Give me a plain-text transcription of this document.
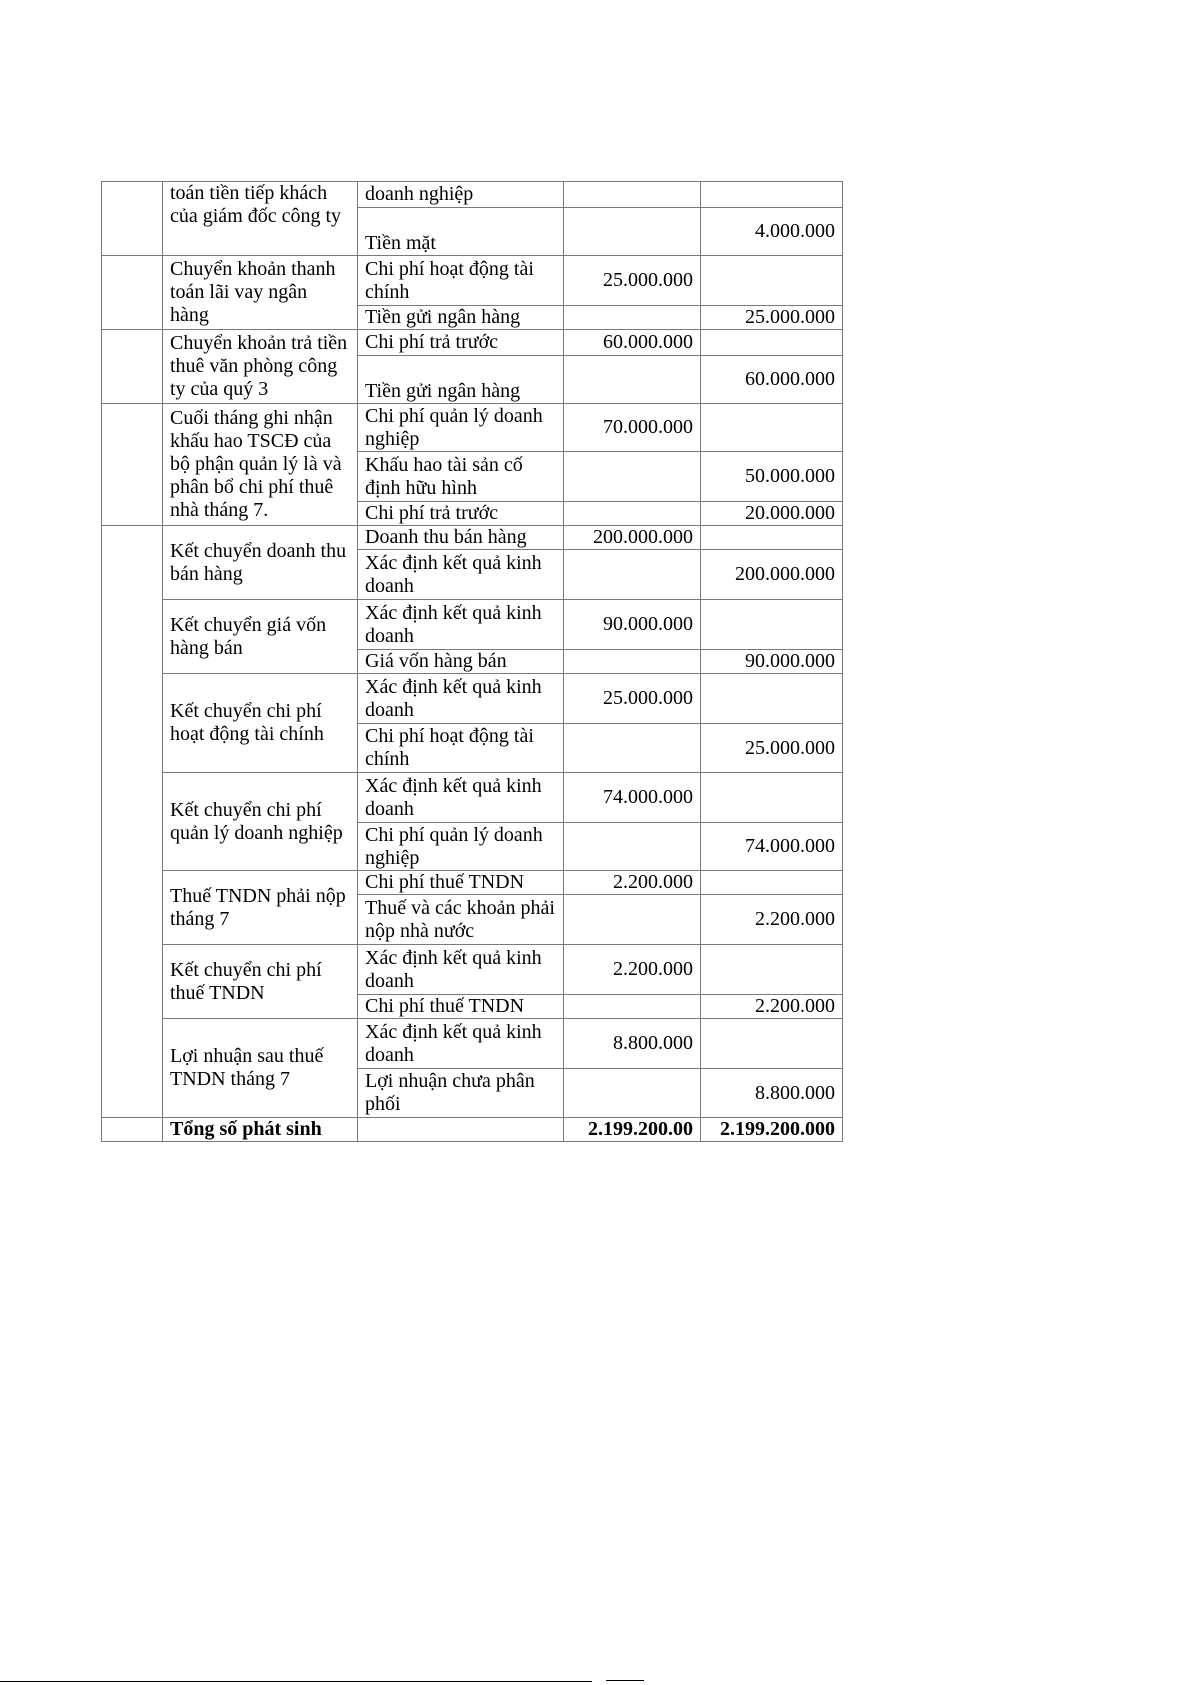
	toán tiền tiếp khách của giám đốc công ty	doanh nghiệp		
		Tiền mặt		4.000.000
	Chuyển khoản thanh toán lãi vay ngân hàng	Chi phí hoạt động tài chính	25.000.000	
		Tiền gửi ngân hàng		25.000.000
	Chuyển khoản trả tiền thuê văn phòng công ty của quý 3	Chi phí trả trước	60.000.000	
		Tiền gửi ngân hàng		60.000.000
	Cuối tháng ghi nhận khấu hao TSCĐ của bộ phận quản lý là và phân bổ chi phí thuê nhà tháng 7.	Chi phí quản lý doanh nghiệp	70.000.000	
		Khấu hao tài sản cố định hữu hình		50.000.000
		Chi phí trả trước		20.000.000
	Kết chuyển doanh thu bán hàng	Doanh thu bán hàng	200.000.000	
		Xác định kết quả kinh doanh		200.000.000
	Kết chuyển giá vốn hàng bán	Xác định kết quả kinh doanh	90.000.000	
		Giá vốn hàng bán		90.000.000
	Kết chuyển chi phí hoạt động tài chính	Xác định kết quả kinh doanh	25.000.000	
		Chi phí hoạt động tài chính		25.000.000
	Kết chuyển chi phí quản lý doanh nghiệp	Xác định kết quả kinh doanh	74.000.000	
		Chi phí quản lý doanh nghiệp		74.000.000
	Thuế TNDN phải nộp tháng 7	Chi phí thuế TNDN	2.200.000	
		Thuế và các khoản phải nộp nhà nước		2.200.000
	Kết chuyển chi phí thuế TNDN	Xác định kết quả kinh doanh	2.200.000	
		Chi phí thuế TNDN		2.200.000
	Lợi nhuận sau thuế TNDN tháng 7	Xác định kết quả kinh doanh	8.800.000	
		Lợi nhuận chưa phân phối		8.800.000
	Tổng số phát sinh		2.199.200.00	2.199.200.000
